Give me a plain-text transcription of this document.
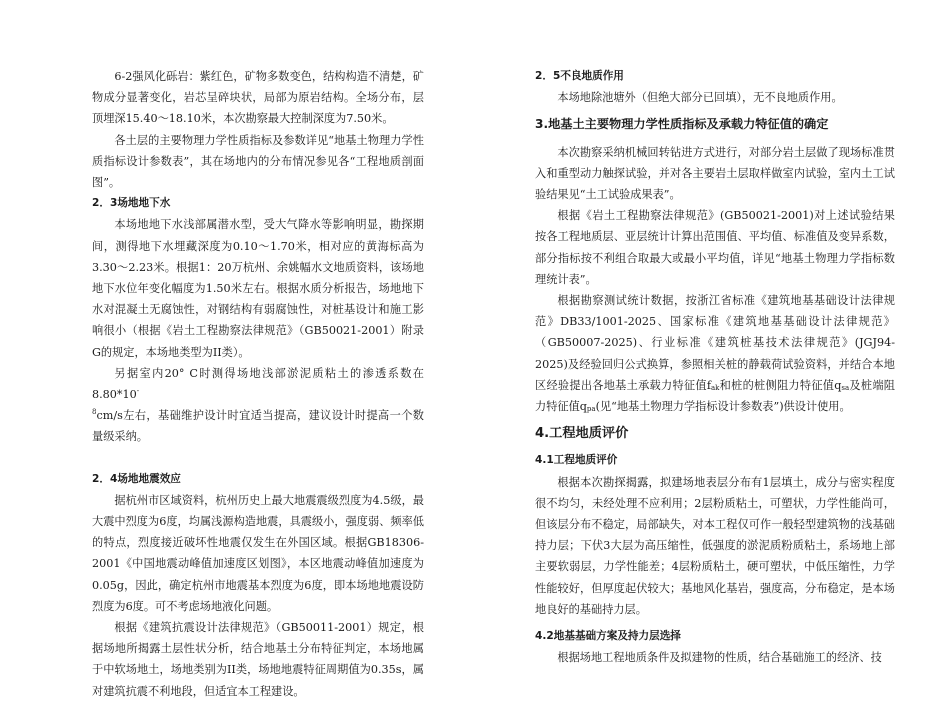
6-2强风化砾岩：紫红色，矿物多数变色，结构构造不清楚，矿物成分显著变化，岩芯呈碎块状，局部为原岩结构。全场分布，层顶埋深15.40～18.10米，本次勘察最大控制深度为7.50米。

各土层的主要物理力学性质指标及参数详见“地基土物理力学性质指标设计参数表”，其在场地内的分布情况参见各“工程地质剖面图”。

2．3场地地下水

本场地地下水浅部属潜水型，受大气降水等影响明显，勘探期间，测得地下水埋藏深度为0.10～1.70米，相对应的黄海标高为3.30～2.23米。根据1：20万杭州、余姚幅水文地质资料，该场地地下水位年变化幅度为1.50米左右。根据水质分析报告，场地地下水对混凝土无腐蚀性，对钢结构有弱腐蚀性，对桩基设计和施工影响很小（根据《岩土工程勘察法律规范》（GB50021-2001）附录G的规定，本场地类型为II类）。

另据室内20° C时测得场地浅部淤泥质粘土的渗透系数在8.80*10-
$^8$cm/s左右，基础维护设计时宜适当提高，建议设计时提高一个数量级采纳。

2．4场地地震效应

据杭州市区域资料，杭州历史上最大地震震级烈度为4.5级，最大震中烈度为6度，均属浅源构造地震，具震级小，强度弱、频率低的特点，烈度接近破坏性地震仅发生在外国区域。根据GB18306-2001《中国地震动峰值加速度区划图》，本区地震动峰值加速度为0.05g，因此，确定杭州市地震基本烈度为6度，即本场地地震设防烈度为6度。可不考虑场地液化问题。

根据《建筑抗震设计法律规范》（GB50011-2001）规定，根据场地所揭露土层性状分析，结合地基土分布特征判定，本场地属于中软场地土，场地类别为II类，场地地震特征周期值为0.35s，属对建筑抗震不利地段，但适宜本工程建设。

2．5不良地质作用

本场地除池塘外（但绝大部分已回填），无不良地质作用。

3.地基土主要物理力学性质指标及承载力特征值的确定

本次勘察采纳机械回转钻进方式进行，对部分岩土层做了现场标准贯入和重型动力触探试验，并对各主要岩土层取样做室内试验，室内土工试验结果见“土工试验成果表”。

根据《岩土工程勘察法律规范》(GB50021-2001)对上述试验结果按各工程地质层、亚层统计计算出范围值、平均值、标准值及变异系数，部分指标按不利组合取最大或最小平均值，详见“地基土物理力学指标数理统计表”。

根据勘察测试统计数据，按浙江省标准《建筑地基基础设计法律规范》DB33/1001-2025、国家标准《建筑地基基础设计法律规范》（GB50007-2025)、行业标准《建筑桩基技术法律规范》(JGJ94-2025)及经验回归公式换算，参照相关桩的静载荷试验资料，并结合本地区经验提出各地基土承载力特征值$f_{ak}$和桩的桩侧阻力特征值$q_{sa}$及桩端阻力特征值$q_{pa}$(见“地基土物理力学指标设计参数表”)供设计使用。

4.工程地质评价

4.1工程地质评价

根据本次勘探揭露，拟建场地表层分布有1层填土，成分与密实程度很不均匀，未经处理不应利用；2层粉质粘土，可塑状，力学性能尚可，但该层分布不稳定，局部缺失，对本工程仅可作一般轻型建筑物的浅基础持力层；下伏3大层为高压缩性，低强度的淤泥质粉质粘土，系场地上部主要软弱层，力学性能差；4层粉质粘土，硬可塑状，中低压缩性，力学性能较好，但厚度起伏较大；基地风化基岩，强度高，分布稳定，是本场地良好的基础持力层。

4.2地基基础方案及持力层选择

根据场地工程地质条件及拟建物的性质，结合基础施工的经济、技
